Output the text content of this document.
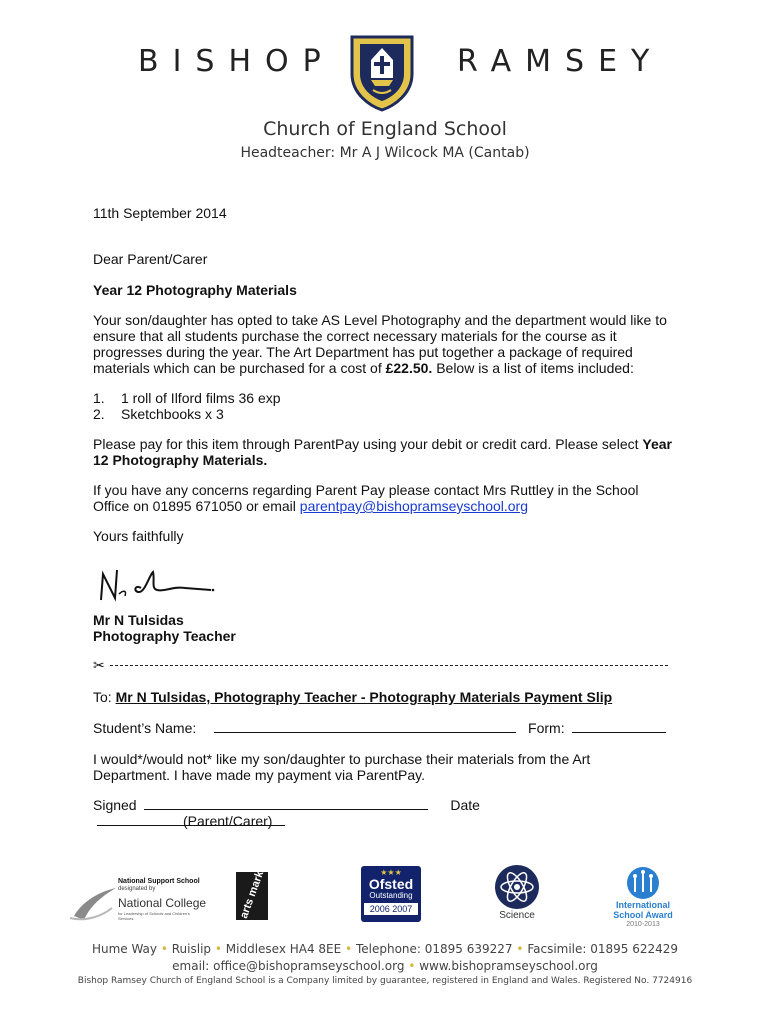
BISHOP	RAMSEY
Church of England School
Headteacher: Mr A J Wilcock MA (Cantab)
11th September 2014
Dear Parent/Carer
Year 12 Photography Materials
Your son/daughter has opted to take AS Level Photography and the department would like to ensure that all students purchase the correct necessary materials for the course as it progresses during the year. The Art Department has put together a package of required materials which can be purchased for a cost of £22.50. Below is a list of items included:
1. 1 roll of Ilford films 36 exp
2. Sketchbooks x 3
Please pay for this item through ParentPay using your debit or credit card. Please select Year 12 Photography Materials.
If you have any concerns regarding Parent Pay please contact Mrs Ruttley in the School Office on 01895 671050 or email parentpay@bishopramseyschool.org
Yours faithfully
Mr N Tulsidas
Photography Teacher
✂
To: Mr N Tulsidas, Photography Teacher - Photography Materials Payment Slip
Student’s Name:	Form:
I would*/would not* like my son/daughter to purchase their materials from the Art Department. I have made my payment via ParentPay.
Signed	Date
(Parent/Carer)
National Support School
designated by
National College
for Leadership of Schools and Children's Services	arts mark	★★★
Ofsted
Outstanding
2006 2007
Science
International
School Award
2010-2013
Hume Way • Ruislip • Middlesex HA4 8EE • Telephone: 01895 639227 • Facsimile: 01895 622429
email: office@bishopramseyschool.org • www.bishopramseyschool.org
Bishop Ramsey Church of England School is a Company limited by guarantee, registered in England and Wales. Registered No. 7724916
